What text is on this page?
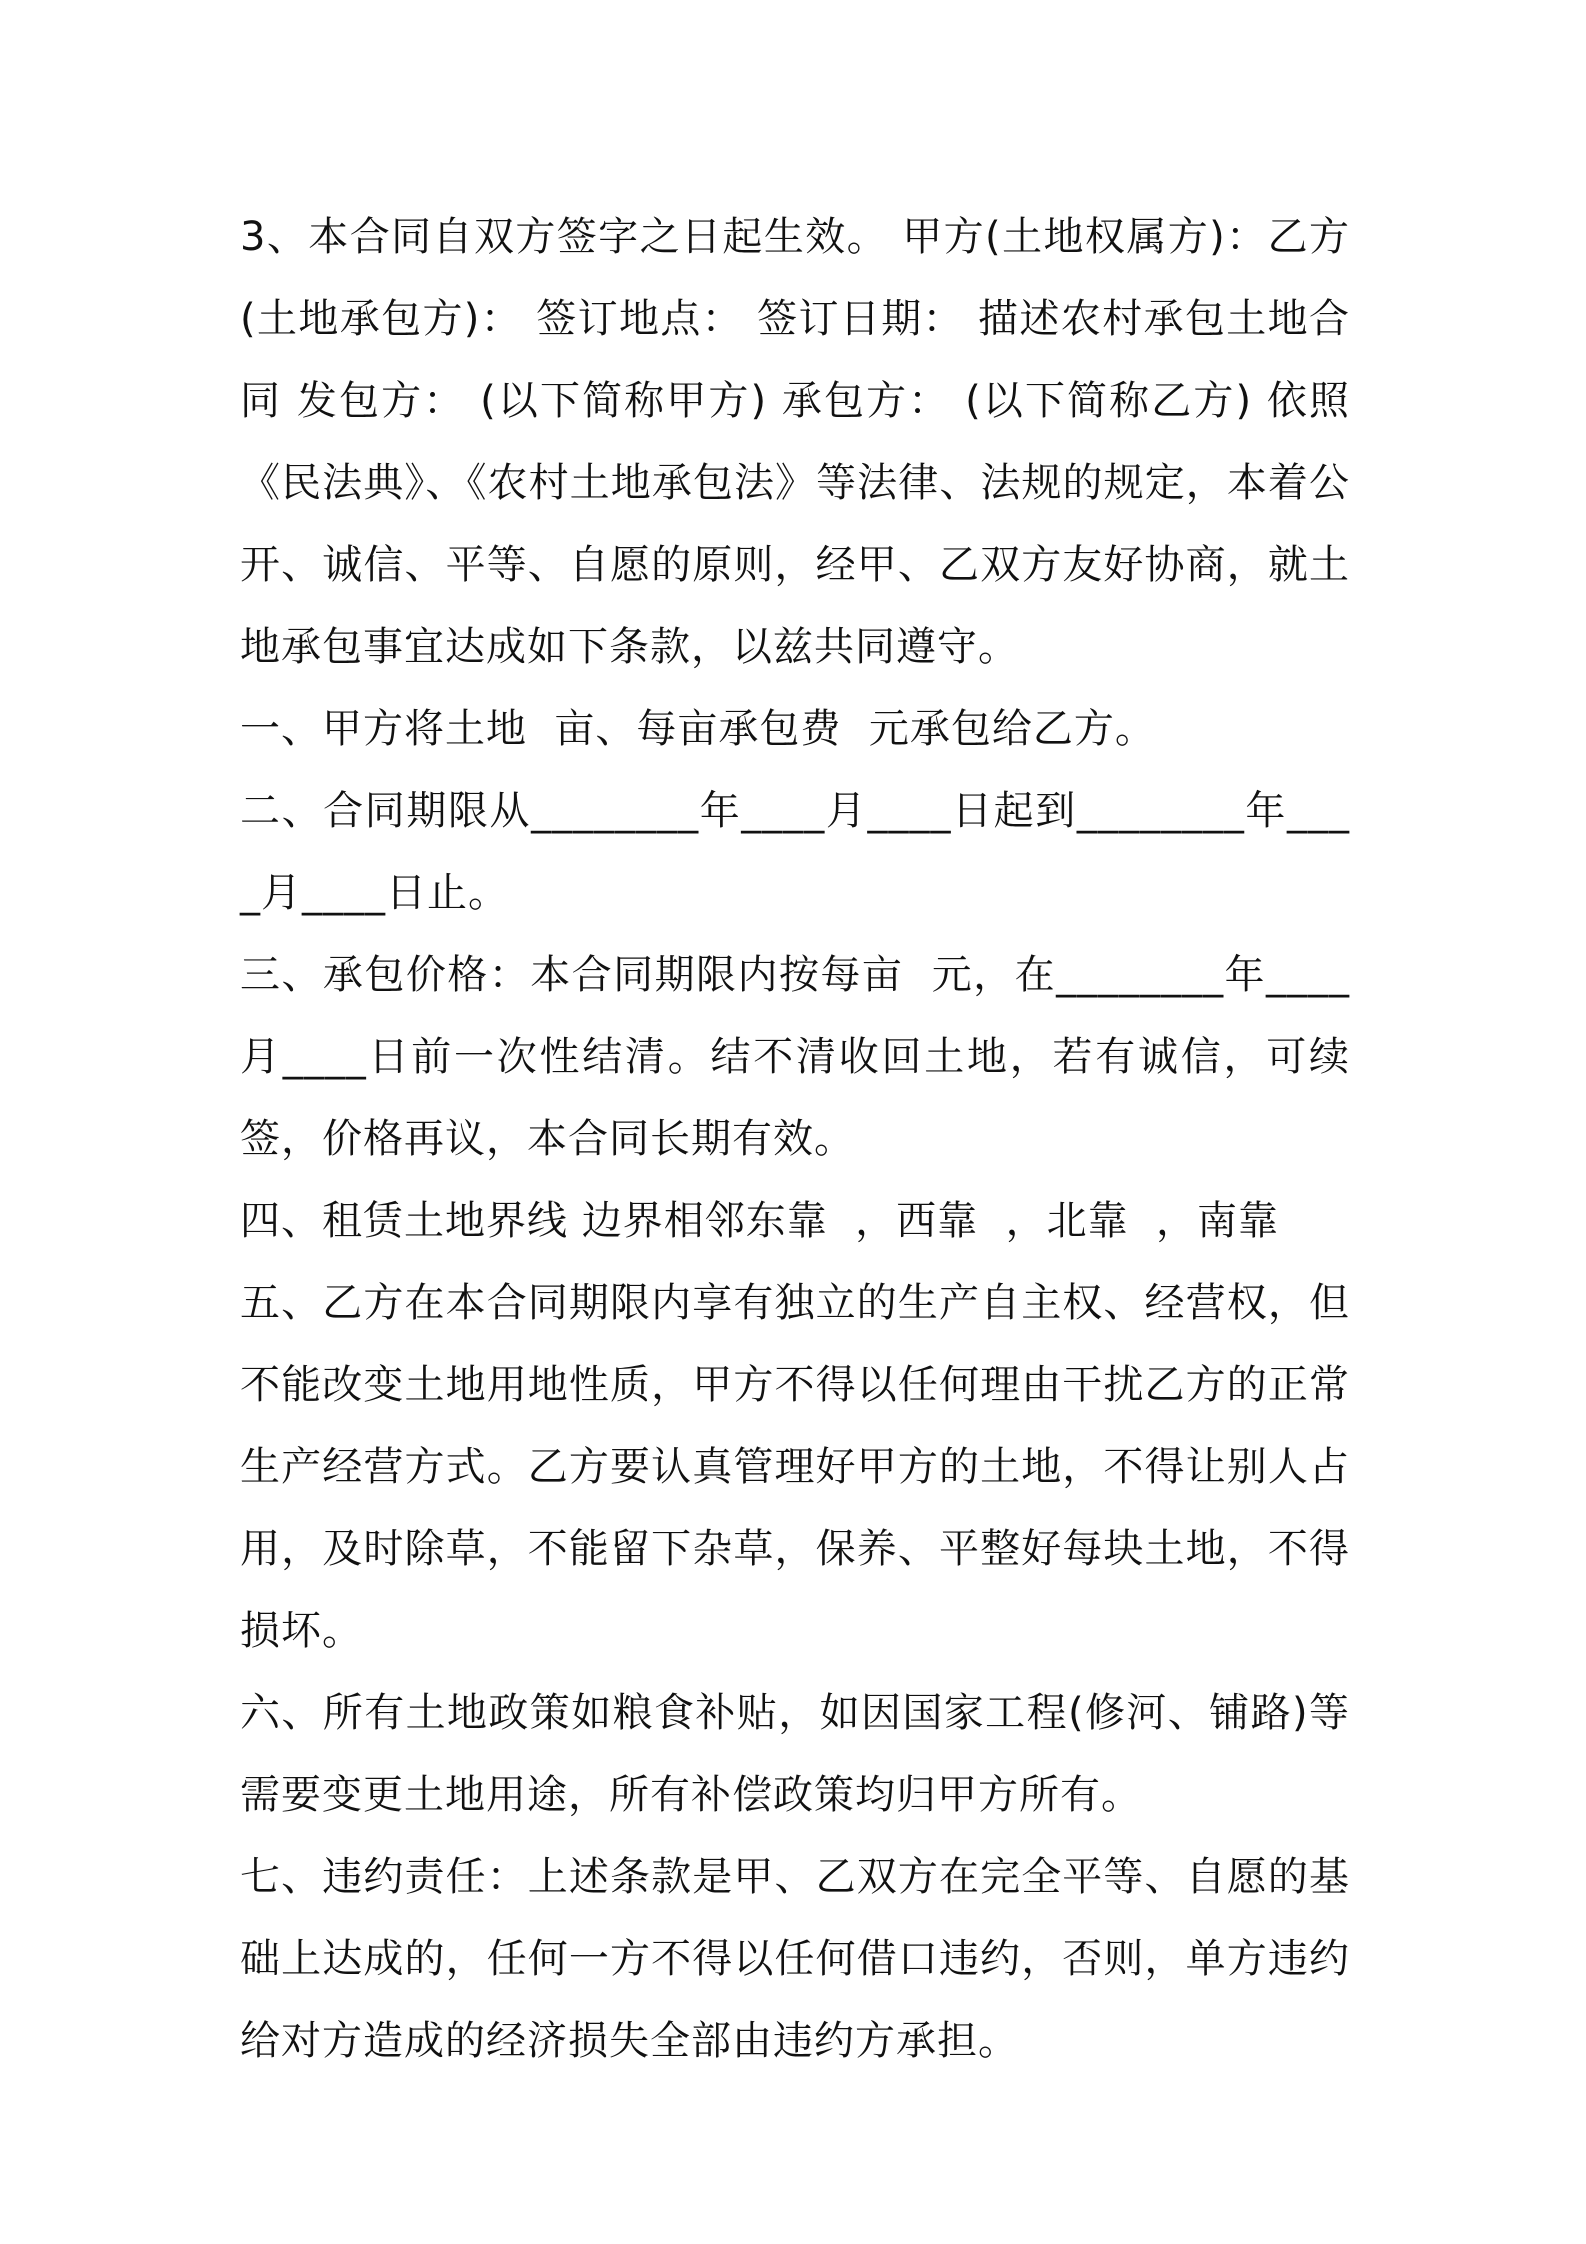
3、本合同自双方签字之日起生效。 甲方(土地权属方)：乙方(土地承包方)： 签订地点： 签订日期： 描述农村承包土地合同 发包方： (以下简称甲方) 承包方： (以下简称乙方) 依照《民法典》、《农村土地承包法》等法律、法规的规定，本着公开、诚信、平等、自愿的原则，经甲、乙双方友好协商，就土地承包事宜达成如下条款，以兹共同遵守。

一、甲方将土地  亩、每亩承包费  元承包给乙方。

二、合同期限从________年____月____日起到________年____月____日止。

三、承包价格：本合同期限内按每亩  元，在________年____月____日前一次性结清。结不清收回土地，若有诚信，可续签，价格再议，本合同长期有效。

四、租赁土地界线 边界相邻东靠  ，西靠  ，北靠  ，南靠

五、乙方在本合同期限内享有独立的生产自主权、经营权，但不能改变土地用地性质，甲方不得以任何理由干扰乙方的正常生产经营方式。乙方要认真管理好甲方的土地，不得让别人占用，及时除草，不能留下杂草，保养、平整好每块土地，不得损坏。

六、所有土地政策如粮食补贴，如因国家工程(修河、铺路)等需要变更土地用途，所有补偿政策均归甲方所有。

七、违约责任：上述条款是甲、乙双方在完全平等、自愿的基础上达成的，任何一方不得以任何借口违约，否则，单方违约给对方造成的经济损失全部由违约方承担。
